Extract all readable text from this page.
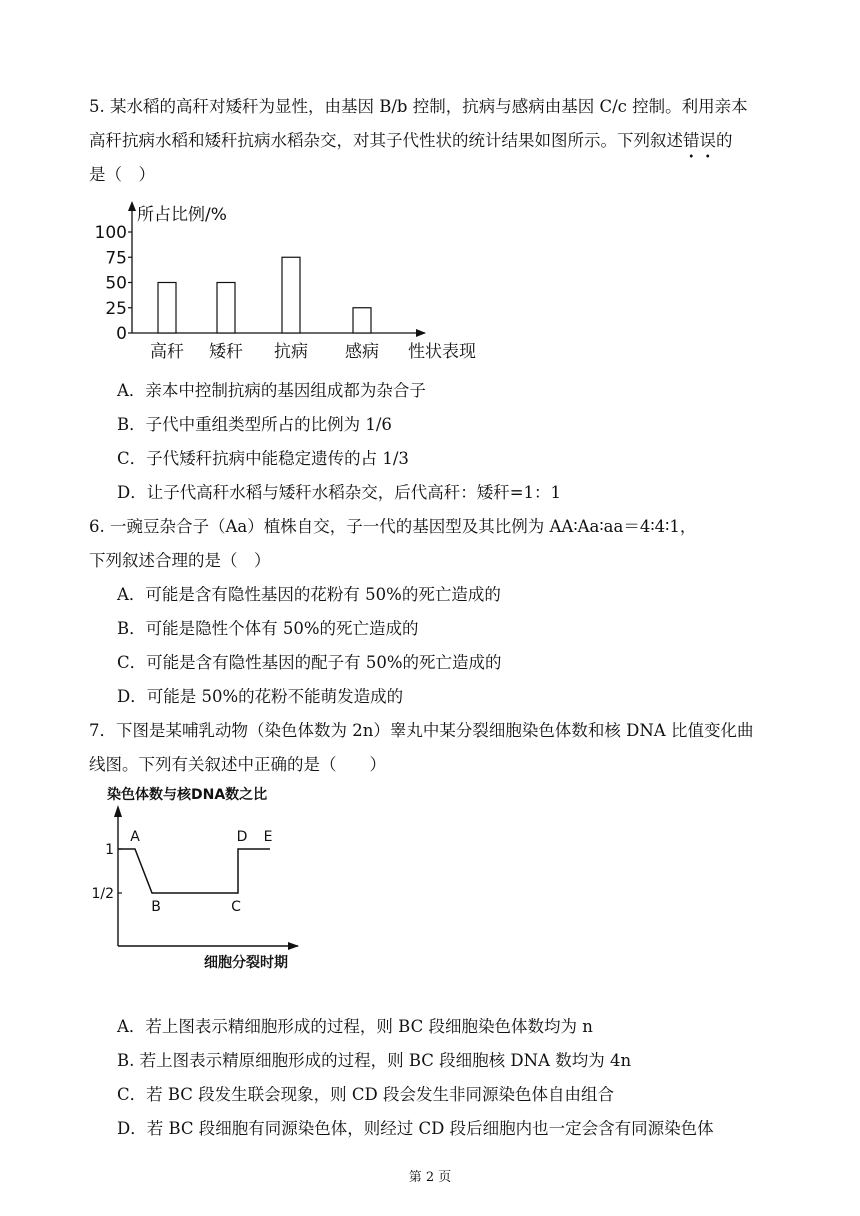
5. 某水稻的高秆对矮秆为显性，由基因 B/b 控制，抗病与感病由基因 C/c 控制。利用亲本
高秆抗病水稻和矮秆抗病水稻杂交，对其子代性状的统计结果如图所示。下列叙述错误的
是（　）
所占比例/%
性状表现
100
75
50
25
0
高秆 矮秆 抗病 感病
A．亲本中控制抗病的基因组成都为杂合子
B．子代中重组类型所占的比例为 1/6
C．子代矮秆抗病中能稳定遗传的占 1/3
D．让子代高秆水稻与矮秆水稻杂交，后代高秆：矮秆=1：1
6. 一豌豆杂合子（Aa）植株自交，子一代的基因型及其比例为 AA∶Aa∶aa＝4∶4∶1，
下列叙述合理的是（　）
A．可能是含有隐性基因的花粉有 50%的死亡造成的
B．可能是隐性个体有 50%的死亡造成的
C．可能是含有隐性基因的配子有 50%的死亡造成的
D．可能是 50%的花粉不能萌发造成的
7．下图是某哺乳动物（染色体数为 2n）睾丸中某分裂细胞染色体数和核 DNA 比值变化曲
线图。下列有关叙述中正确的是（　　）
染色体数与核DNA数之比
细胞分裂时期
1
1/2
A
B	C
D E
A．若上图表示精细胞形成的过程，则 BC 段细胞染色体数均为 n
B. 若上图表示精原细胞形成的过程，则 BC 段细胞核 DNA 数均为 4n
C．若 BC 段发生联会现象，则 CD 段会发生非同源染色体自由组合
D．若 BC 段细胞有同源染色体，则经过 CD 段后细胞内也一定会含有同源染色体
第 2 页
